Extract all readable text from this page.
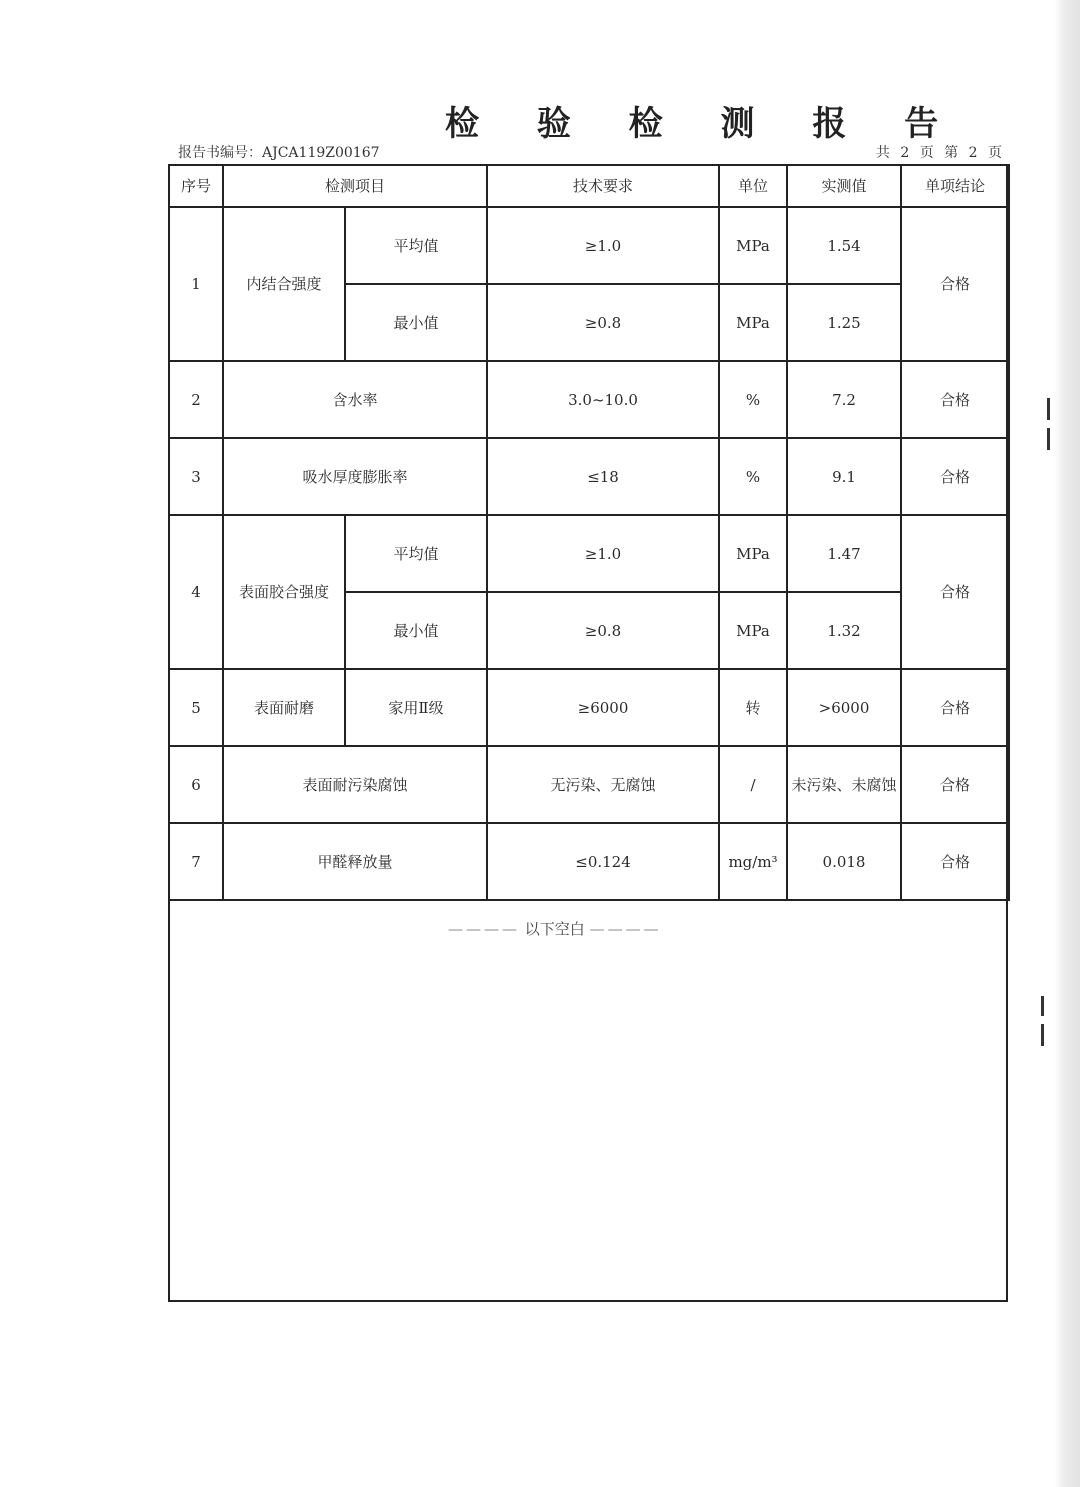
检 验 检 测 报 告
报告书编号：AJCA119Z00167	共 2 页 第 2 页
序号	检测项目		技术要求	单位	实测值	单项结论
1	内结合强度	平均值	≥1.0	MPa	1.54	合格
		最小值	≥0.8	MPa	1.25	
2	含水率		3.0~10.0	%	7.2	合格
3	吸水厚度膨胀率		≤18	%	9.1	合格
4	表面胶合强度	平均值	≥1.0	MPa	1.47	合格
		最小值	≥0.8	MPa	1.32	
5	表面耐磨	家用Ⅱ级	≥6000	转	>6000	合格
6	表面耐污染腐蚀		无污染、无腐蚀	/	未污染、未腐蚀	合格
7	甲醛释放量		≤0.124	mg/m³	0.018	合格
———— 以下空白 ————
